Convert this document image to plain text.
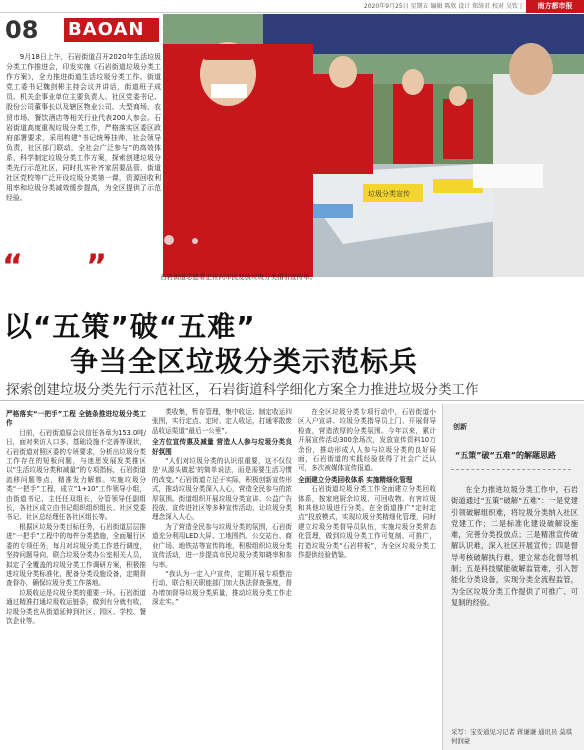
2020年9月25日 星期五 编辑 陈欣 设计 郑绮君 校对 吴钦丁	南方都市报
08 BAOAN
9月18日上午，石岩街道召开2020年生活垃圾分类工作推进会，印发实施《石岩街道垃圾分类工作方案》，全力推进街道生活垃圾分类工作。街道党工委书记魏剑彬主持会议并讲话，街道班子成员、机关企事业单位主要负责人、社区党委书记、股份公司董事长以及辖区物业公司、大型商场、农贸市场、餐饮酒店等相关行业代表200人参会。石岩街道高度重视垃圾分类工作，严格落实区委区政府部署要求，采用构建“书记统筹挂帅，社会领导负责，社区部门联动，全社会广泛参与”的高效体系，科学制定垃圾分类工作方案，探索创建垃圾分类先行示范社区，同时扎实补齐家居要品管、街道社区党校等广泛开设垃圾分类第一课，资源回收利用率和垃圾分类减效缓步提高，为全区提供了示范经验。
垃圾分类宣传
“ ”	石岩街道志愿者正在向市民发放垃圾分类指引宣传单。
以“五策”破“五难”
争当全区垃圾分类示范标兵
探索创建垃圾分类先行示范社区，石岩街道科学细化方案全力推进垃圾分类工作

严格落实“一把手”工程 全链条推进垃圾分类工作

目前，石岩街道原会议信任各章为153.0吨/日，面对来访人口多、基础设施不完善等现状，石岩街道对照区委的专班要求，分析出垃圾分类工作存在的短板问题，与迷思发展发类推区以“生活垃圾分类和减量”的专项指标，石岩街道流移问题等点，精准发力解都。实施垃圾分类“一把手”工程，成立“1+10”工作领导小组，由街道书记、主任任双组长，分管领导任副组长，各社区成立由书记组织组织组长、社区党委书记、社区总经理任各社区组长等。

根据区垃圾分类目标任务，石岩街道层层推进“一把手”工程中的每件分类措施，全面履行区委的专项任务，每月对垃圾分类工作进行调度，坚持问题导向，联合垃圾分类办公室相关人员，拟定了全覆盖的垃圾分类工作调研方案，积极推进垃圾分类标准化，配备分类设施设备，定期督查督办，确保垃圾分类工作落地。

垃圾收运是垃圾分类的重要一环。石岩街道通过精准打通垃圾收运链条，做到有分就有收，垃圾分类也从街道延伸到社区、园区、学校、餐饮企业等。

类收集，暂存管理，集中收运；制定收运四张图，实行定点、定时、定人收运，打通零散废品收运渠道“最后一公里”。

全方位宣传惠及减量 营造人人参与垃圾分类良好氛围

“人们对垃圾分类的认识很重要，这不仅仅是‘从源头做起’的简单说法，而是需要生活习惯的改变。”石岩街道立足于实际，积极创新宣传形式，推动垃圾分类深入人心，营造全民参与的浓厚氛围。街道组织开展垃圾分类宣讲、公益广告投放、宣传进社区等多种宣传活动，让垃圾分类理念深入人心。

为了营造全民参与垃圾分类的氛围，石岩街道充分利用LED大屏、工地围挡、公交站台、商业广场、地铁站等宣传阵地，积极组织垃圾分类宣传活动，进一步提高市民垃圾分类知晓率和参与率。

“我认为一定入户宣传，定期开展专项整治行动，联合相关职能部门加大执法督查强度，督办增加督导垃圾分类质量，推动垃圾分类工作走深走实。”

在全区垃圾分类专项行动中，石岩街道小区入户宣讲、垃圾分类指导员上门、开展督导检查，营造浓厚的分类氛围。今年以来，累计开展宣传活动300余场次，发放宣传资料10万余份，推动形成人人参与垃圾分类的良好局面，石岩街道的实践经验获得了社会广泛认可，多次被媒体宣传报道。

全面建立分类回收体系 实施精细化管理

石岩街道垃圾分类工作全面建立分类回收体系，按家庭厨余垃圾、可回收物、有害垃圾和其他垃圾进行分类。在全街道推广“定时定点”投放模式，实现垃圾分类精细化管理，同时建立垃圾分类督导员队伍，实施垃圾分类常态化管理，做到垃圾分类工作可复制、可推广，打造垃圾分类“石岩样板”，为全区垃圾分类工作提供经验借鉴。

创新
“五策”破“五难”的解题思路
在全力推进垃圾分类工作中，石岩街道通过“五策”破解“五难”：一是党建引领破解组织难，将垃圾分类纳入社区党建工作；二是标准化建设破解设施难，完善分类投放点；三是精准宣传破解认识难，深入社区开展宣传；四是督导考核破解执行难，建立常态化督导机制；五是科技赋能破解监管难，引入智能化分类设备，实现分类全流程监管，为全区垃圾分类工作提供了可推广、可复制的经验。
采写：宝安通见习记者 蒋谦谦 通讯员 莫琪 何润豪
